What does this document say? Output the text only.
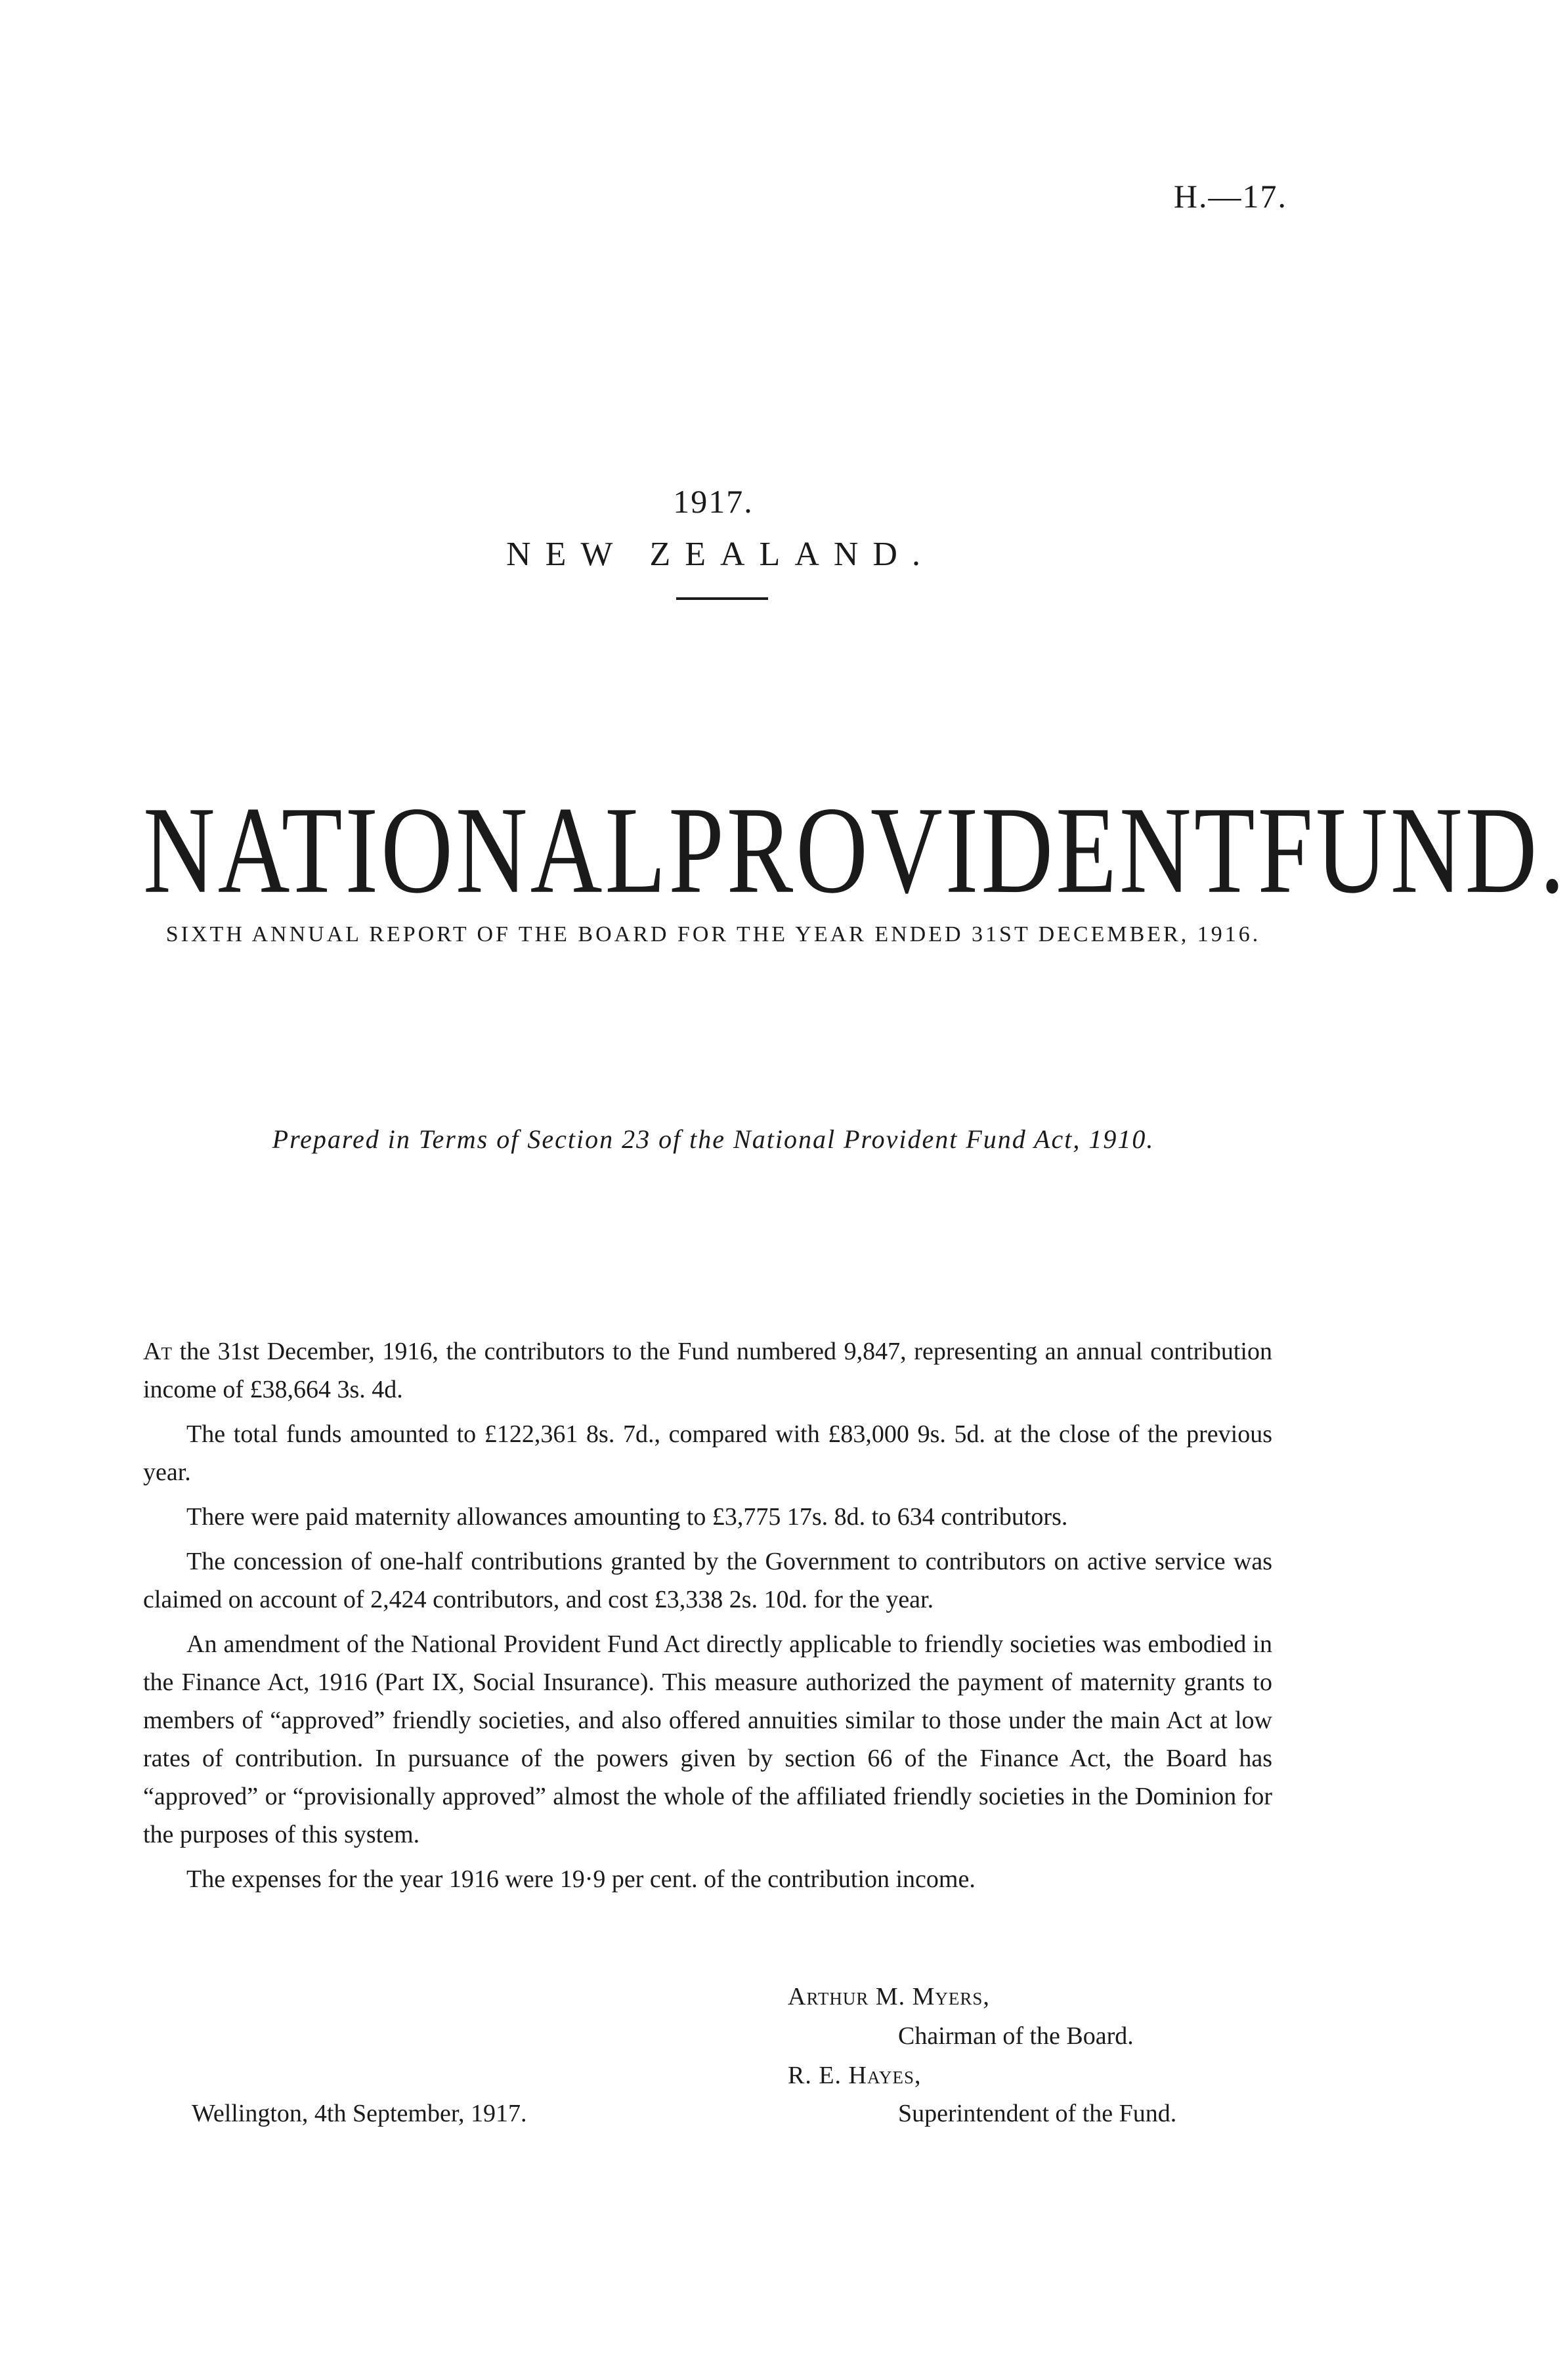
H.—17.
1917.
NEW ZEALAND.
NATIONAL PROVIDENT FUND.
SIXTH ANNUAL REPORT OF THE BOARD FOR THE YEAR ENDED 31ST DECEMBER, 1916.
Prepared in Terms of Section 23 of the National Provident Fund Act, 1910.

At the 31st December, 1916, the contributors to the Fund numbered 9,847, representing an annual contribution income of £38,664 3s. 4d.

The total funds amounted to £122,361 8s. 7d., compared with £83,000 9s. 5d. at the close of the previous year.

There were paid maternity allowances amounting to £3,775 17s. 8d. to 634 contributors.

The concession of one-half contributions granted by the Government to contributors on active service was claimed on account of 2,424 contributors, and cost £3,338 2s. 10d. for the year.

An amendment of the National Provident Fund Act directly applicable to friendly societies was embodied in the Finance Act, 1916 (Part IX, Social Insurance). This measure authorized the payment of maternity grants to members of “approved” friendly societies, and also offered annuities similar to those under the main Act at low rates of contribution. In pursuance of the powers given by section 66 of the Finance Act, the Board has “approved” or “provisionally approved” almost the whole of the affiliated friendly societies in the Dominion for the purposes of this system.

The expenses for the year 1916 were 19·9 per cent. of the contribution income.

Arthur M. Myers,
Chairman of the Board.
R. E. Hayes,
Superintendent of the Fund.
Wellington, 4th September, 1917.
